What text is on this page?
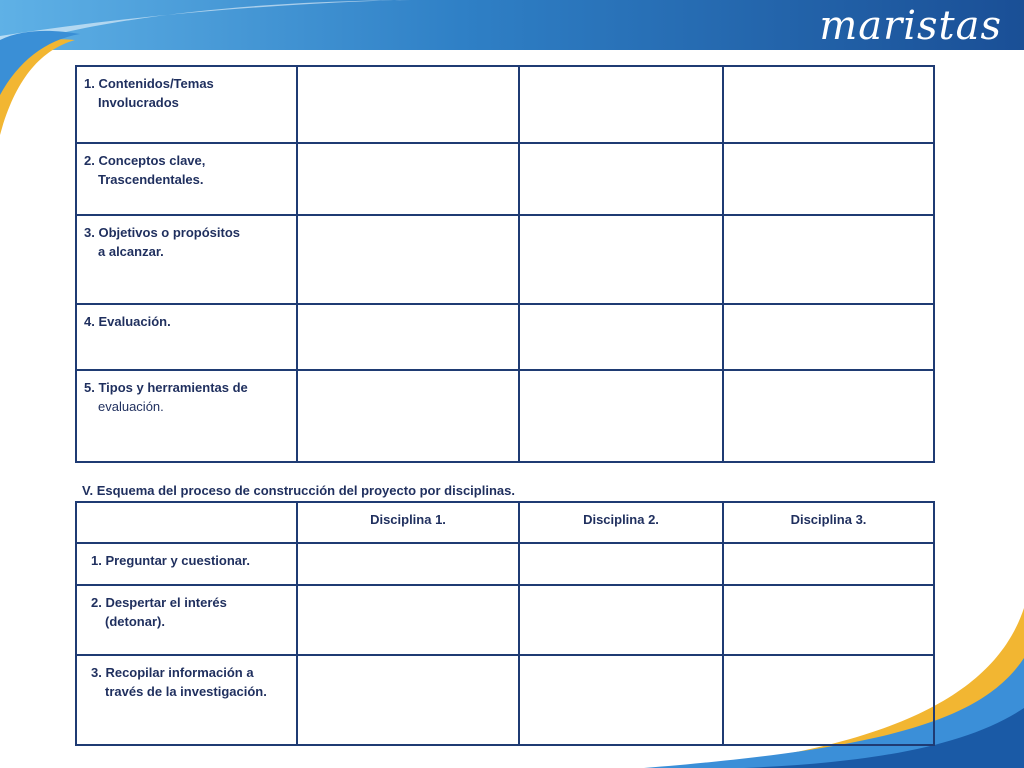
maristas
1. Contenidos/Temas
Involucrados			

2. Conceptos clave,
Trascendentales.			

3. Objetivos o propósitos
a alcanzar.			

4. Evaluación.			

5. Tipos y herramientas de
evaluación.			

V. Esquema del proceso de construcción del proyecto por disciplinas.

	Disciplina 1.	Disciplina 2.	Disciplina 3.

1. Preguntar y cuestionar.			

2. Despertar el interés
(detonar).			

3. Recopilar información a
través de la investigación.			
